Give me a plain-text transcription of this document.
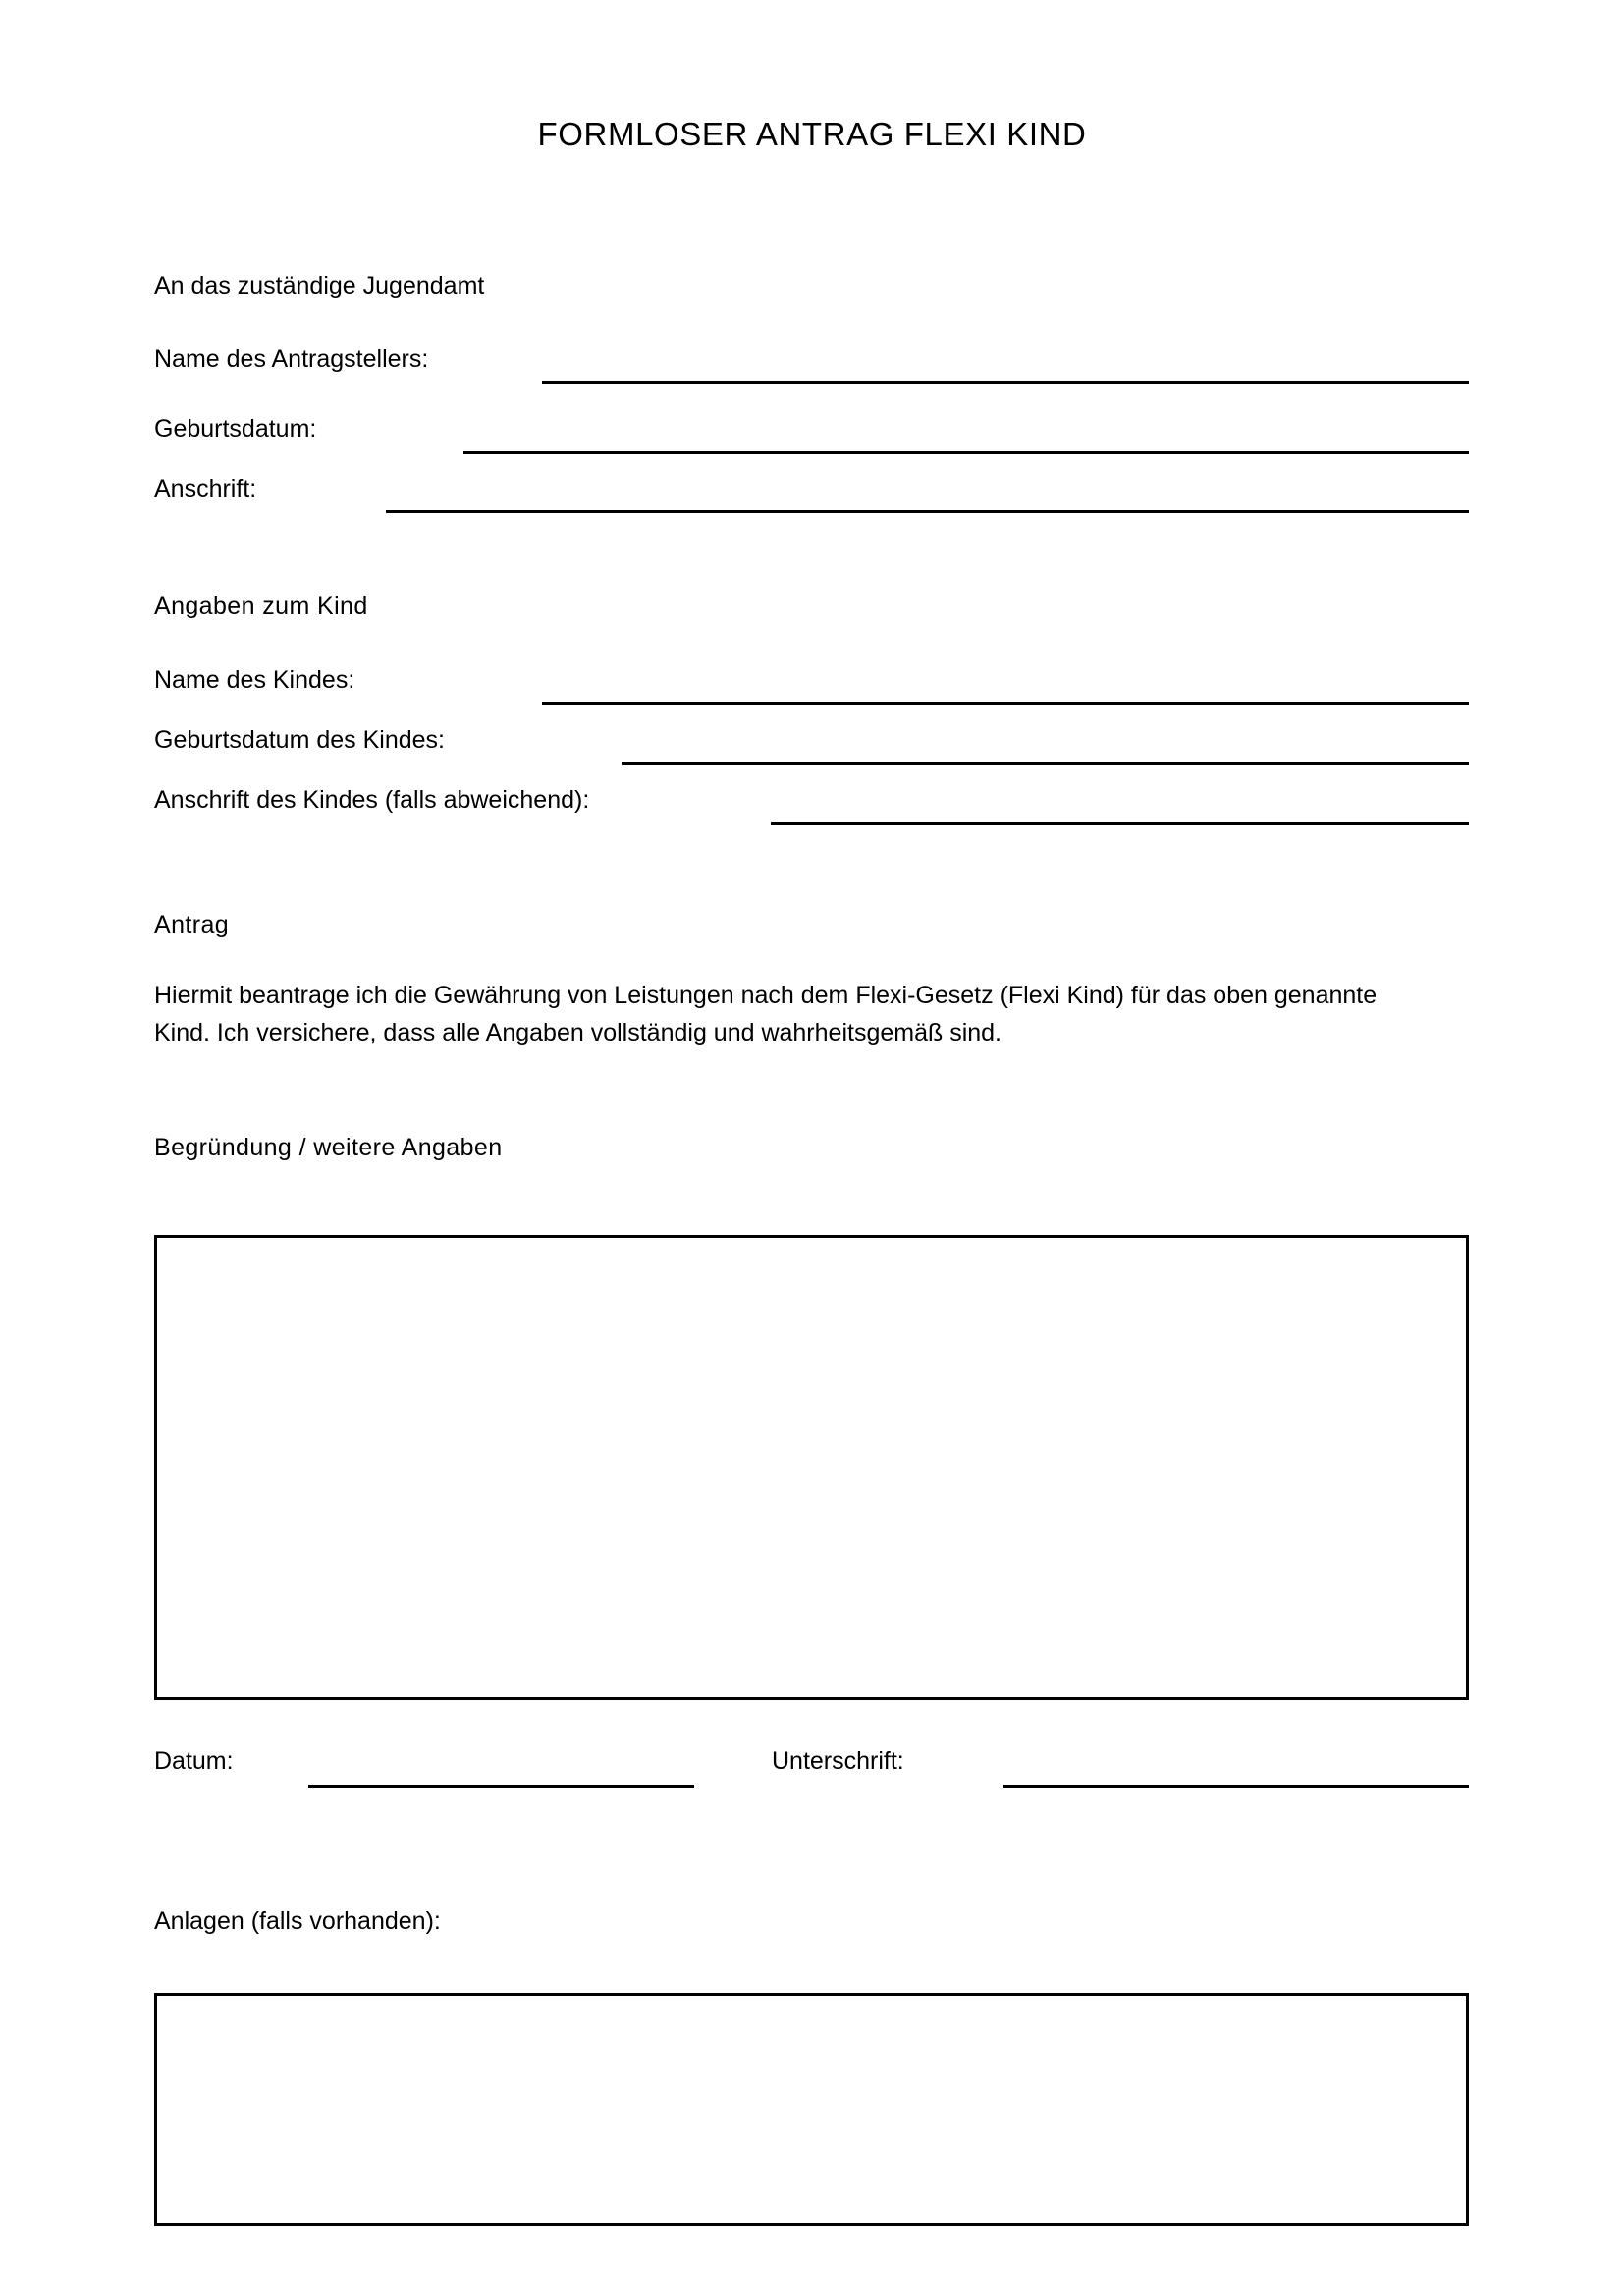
FORMLOSER ANTRAG FLEXI KIND
An das zuständige Jugendamt
Name des Antragstellers:
Geburtsdatum:
Anschrift:
Angaben zum Kind
Name des Kindes:
Geburtsdatum des Kindes:
Anschrift des Kindes (falls abweichend):
Antrag
Hiermit beantrage ich die Gewährung von Leistungen nach dem Flexi-Gesetz (Flexi Kind) für das oben genannte Kind. Ich versichere, dass alle Angaben vollständig und wahrheitsgemäß sind.
Begründung / weitere Angaben
Datum:	Unterschrift:
Anlagen (falls vorhanden):
